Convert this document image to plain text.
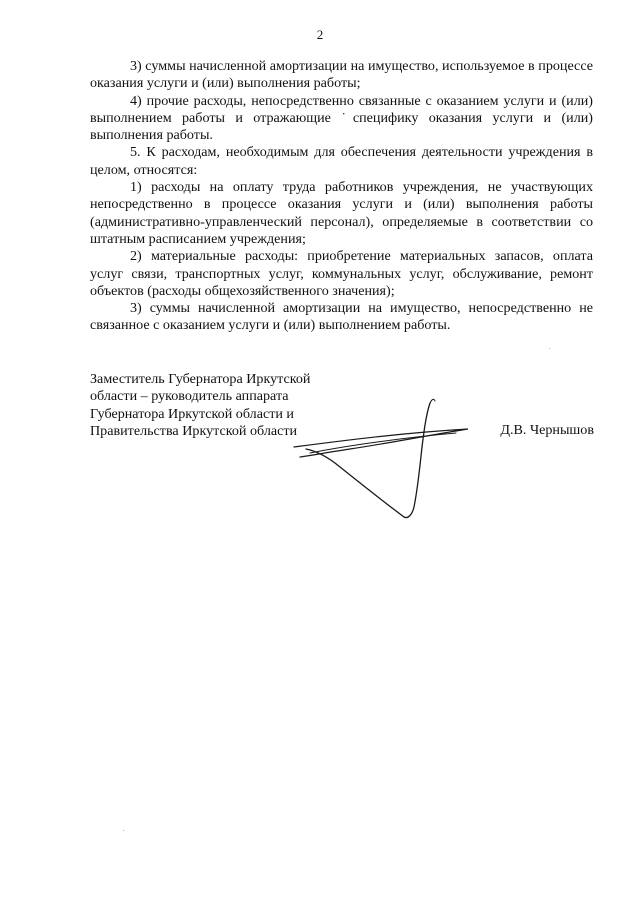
2

3) суммы начисленной амортизации на имущество, используемое в процессе оказания услуги и (или) выполнения работы;

4) прочие расходы, непосредственно связанные с оказанием услуги и (или) выполнением работы и отражающие ˙специфику оказания услуги и (или) выполнения работы.

5. К расходам, необходимым для обеспечения деятельности учреждения в целом, относятся:

1) расходы на оплату труда работников учреждения, не участвующих непосредственно в процессе оказания услуги и (или) выполнения работы (административно-управленческий персонал), определяемые в соответствии со штатным расписанием учреждения;

2) материальные расходы: приобретение материальных запасов, оплата услуг связи, транспортных услуг, коммунальных услуг, обслуживание, ремонт объектов (расходы общехозяйственного значения);

3) суммы начисленной амортизации на имущество, непосредственно не связанное с оказанием услуги и (или) выполнением работы.

Заместитель Губернатора Иркутской
области – руководитель аппарата
Губернатора Иркутской области и
Правительства Иркутской области	Д.В. Чернышов
